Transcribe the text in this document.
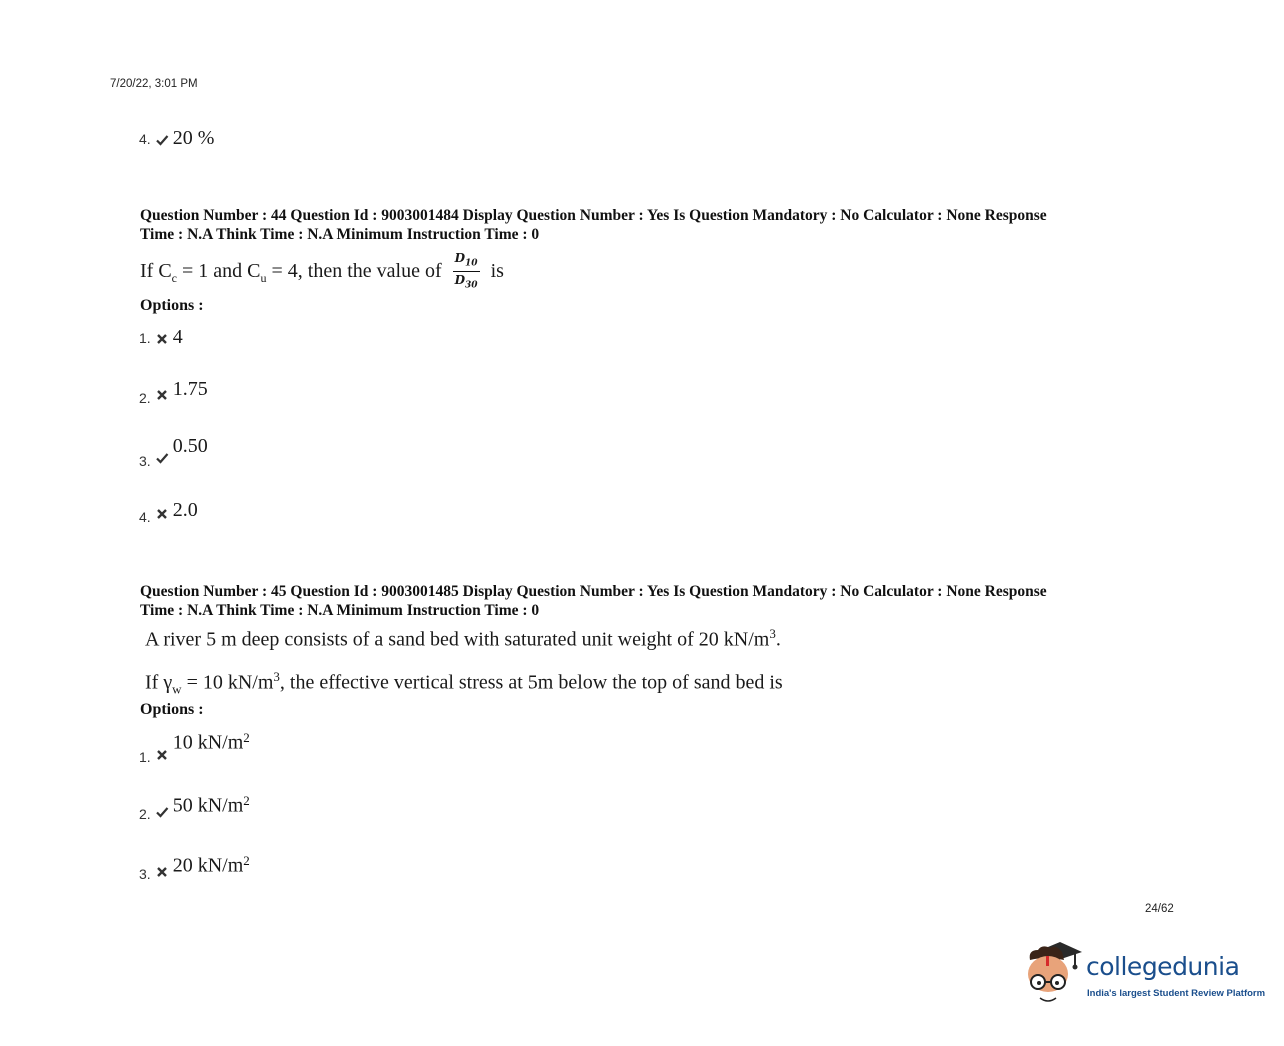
7/20/22, 3:01 PM
4. 20 %
Question Number : 44 Question Id : 9003001484 Display Question Number : Yes Is Question Mandatory : No Calculator : None Response
Time : N.A Think Time : N.A Minimum Instruction Time : 0
If $C_c = 1$ and $C_u = 4$, then the value of $\frac{D_{10}}{D_{30}}$ is
Options :
1. 4
2. 1.75
3.  0.50
4. 2.0
Question Number : 45 Question Id : 9003001485 Display Question Number : Yes Is Question Mandatory : No Calculator : None Response
Time : N.A Think Time : N.A Minimum Instruction Time : 0
A river 5 m deep consists of a sand bed with saturated unit weight of 20 $kN/m^3$.
If $\gamma_w = 10$ $kN/m^3$, the effective vertical stress at 5m below the top of sand bed is
Options :
1.  10 $kN/m^2$
2. 50 $kN/m^2$
3. 20 $kN/m^2$
24/62
collegedunia
India's largest Student Review Platform
